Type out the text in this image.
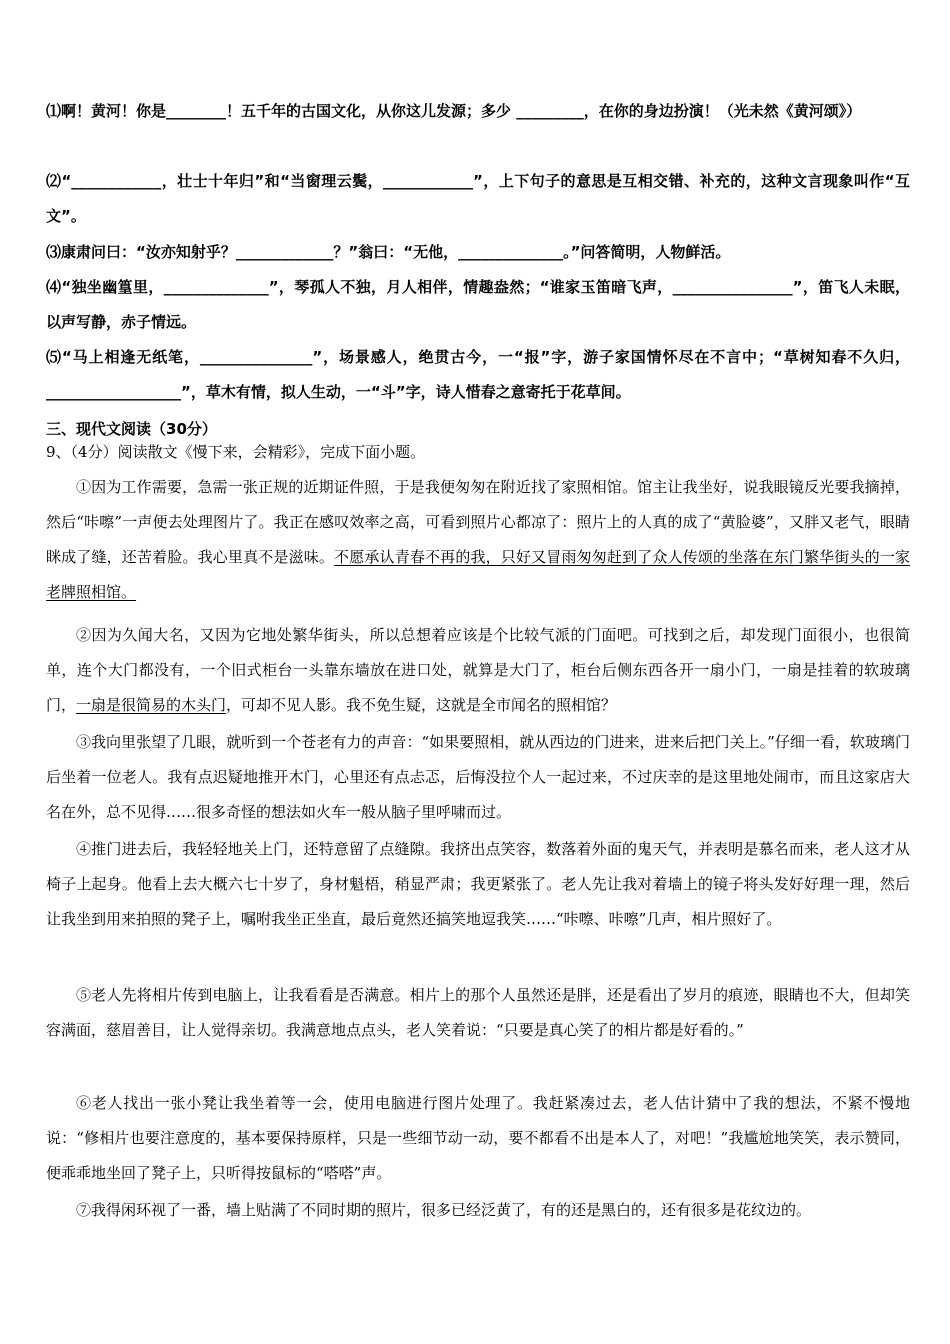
⑴啊！黄河！你是________！五千年的古国文化，从你这儿发源；多少 _________，在你的身边扮演！（光未然《黄河颂》）

⑵“____________，壮士十年归”和“当窗理云鬓，____________”，上下句子的意思是互相交错、补充的，这种文言现象叫作“互文”。

⑶康肃问曰：“汝亦知射乎？_____________？”翁曰：“无他，______________。”问答简明，人物鲜活。

⑷“独坐幽篁里，______________”，琴孤人不独，月人相伴，情趣盎然；“谁家玉笛暗飞声，________________”，笛飞人未眠，以声写静，赤子情远。

⑸“马上相逢无纸笔，_______________”，场景感人，绝贯古今，一“报”字，游子家国情怀尽在不言中；“草树知春不久归，__________________”，草木有情，拟人生动，一“斗”字，诗人惜春之意寄托于花草间。

三、现代文阅读（30分）

9、（4分）阅读散文《慢下来，会精彩》，完成下面小题。

①因为工作需要，急需一张正规的近期证件照，于是我便匆匆在附近找了家照相馆。馆主让我坐好，说我眼镜反光要我摘掉，然后“咔嚓”一声便去处理图片了。我正在感叹效率之高，可看到照片心都凉了：照片上的人真的成了“黄脸婆”，又胖又老气，眼睛眯成了缝，还苦着脸。我心里真不是滋味。不愿承认青春不再的我，只好又冒雨匆匆赶到了众人传颂的坐落在东门繁华街头的一家老牌照相馆。

②因为久闻大名，又因为它地处繁华街头，所以总想着应该是个比较气派的门面吧。可找到之后，却发现门面很小，也很简单，连个大门都没有，一个旧式柜台一头靠东墙放在进口处，就算是大门了，柜台后侧东西各开一扇小门，一扇是挂着的软玻璃门，一扇是很简易的木头门，可却不见人影。我不免生疑，这就是全市闻名的照相馆？

③我向里张望了几眼，就听到一个苍老有力的声音：“如果要照相，就从西边的门进来，进来后把门关上。”仔细一看，软玻璃门后坐着一位老人。我有点迟疑地推开木门，心里还有点忐忑，后悔没拉个人一起过来，不过庆幸的是这里地处闹市，而且这家店大名在外，总不见得……很多奇怪的想法如火车一般从脑子里呼啸而过。

④推门进去后，我轻轻地关上门，还特意留了点缝隙。我挤出点笑容，数落着外面的鬼天气，并表明是慕名而来，老人这才从椅子上起身。他看上去大概六七十岁了，身材魁梧，稍显严肃；我更紧张了。老人先让我对着墙上的镜子将头发好好理一理，然后让我坐到用来拍照的凳子上，嘱咐我坐正坐直，最后竟然还搞笑地逗我笑……“咔嚓、咔嚓”几声，相片照好了。

⑤老人先将相片传到电脑上，让我看看是否满意。相片上的那个人虽然还是胖，还是看出了岁月的痕迹，眼睛也不大，但却笑容满面，慈眉善目，让人觉得亲切。我满意地点点头，老人笑着说：“只要是真心笑了的相片都是好看的。”

⑥老人找出一张小凳让我坐着等一会，使用电脑进行图片处理了。我赶紧凑过去，老人估计猜中了我的想法，不紧不慢地说：“修相片也要注意度的，基本要保持原样，只是一些细节动一动，要不都看不出是本人了，对吧！”我尴尬地笑笑，表示赞同，便乖乖地坐回了凳子上，只听得按鼠标的“嗒嗒”声。

⑦我得闲环视了一番，墙上贴满了不同时期的照片，很多已经泛黄了，有的还是黑白的，还有很多是花纹边的。
